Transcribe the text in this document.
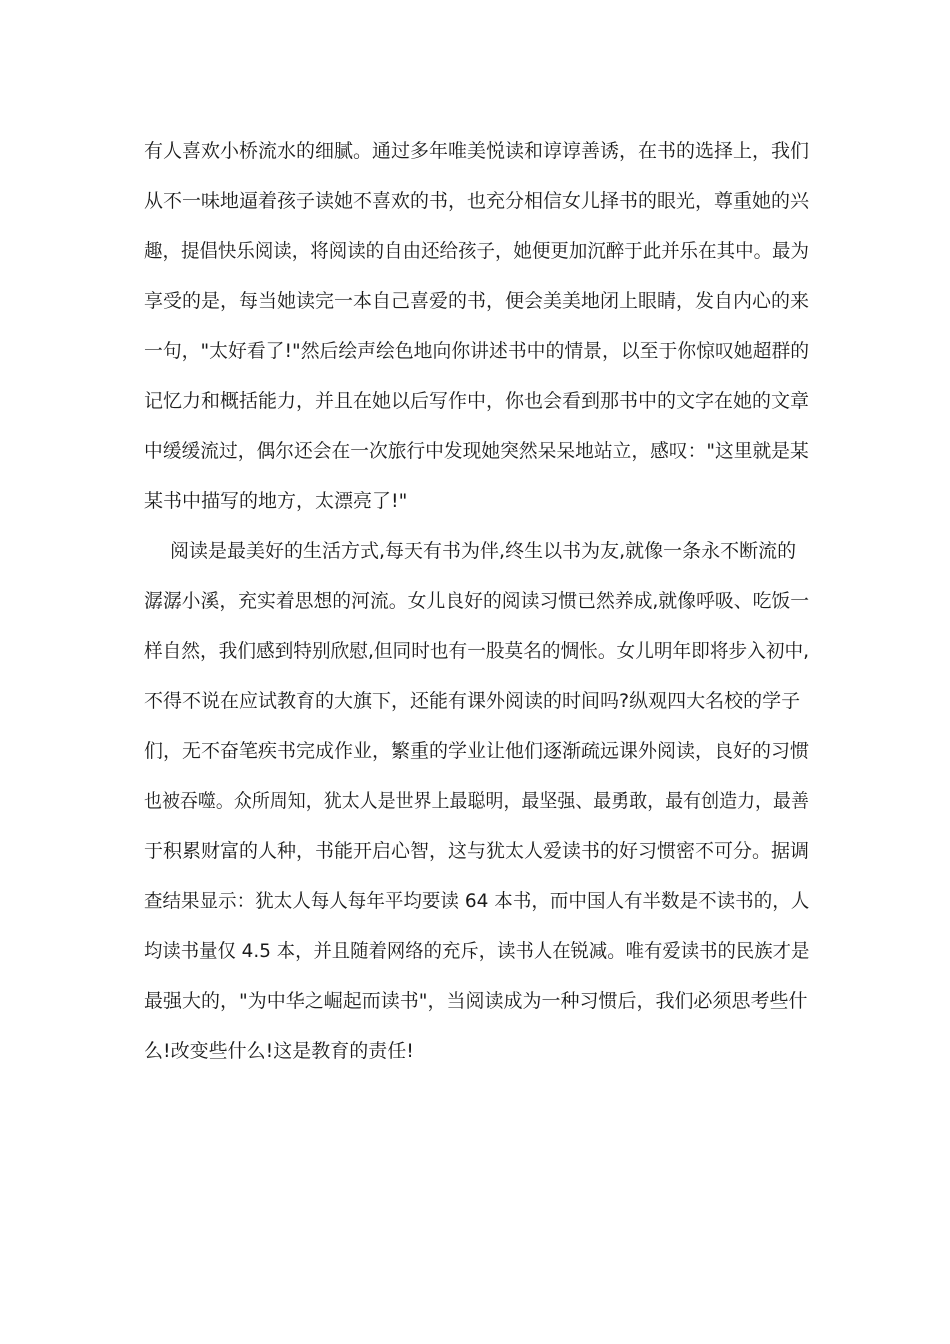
有人喜欢小桥流水的细腻。通过多年唯美悦读和谆谆善诱，在书的选择上，我们
从不一味地逼着孩子读她不喜欢的书，也充分相信女儿择书的眼光，尊重她的兴
趣，提倡快乐阅读，将阅读的自由还给孩子，她便更加沉醉于此并乐在其中。最为
享受的是，每当她读完一本自己喜爱的书，便会美美地闭上眼睛，发自内心的来
一句，"太好看了!"然后绘声绘色地向你讲述书中的情景，以至于你惊叹她超群的
记忆力和概括能力，并且在她以后写作中，你也会看到那书中的文字在她的文章
中缓缓流过，偶尔还会在一次旅行中发现她突然呆呆地站立，感叹："这里就是某
某书中描写的地方，太漂亮了!"
阅读是最美好的生活方式,每天有书为伴,终生以书为友,就像一条永不断流的
潺潺小溪，充实着思想的河流。女儿良好的阅读习惯已然养成,就像呼吸、吃饭一
样自然，我们感到特别欣慰,但同时也有一股莫名的惆怅。女儿明年即将步入初中,
不得不说在应试教育的大旗下，还能有课外阅读的时间吗?纵观四大名校的学子
们，无不奋笔疾书完成作业，繁重的学业让他们逐渐疏远课外阅读，良好的习惯
也被吞噬。众所周知，犹太人是世界上最聪明，最坚强、最勇敢，最有创造力，最善
于积累财富的人种，书能开启心智，这与犹太人爱读书的好习惯密不可分。据调
查结果显示：犹太人每人每年平均要读 64 本书，而中国人有半数是不读书的，人
均读书量仅 4.5 本，并且随着网络的充斥，读书人在锐减。唯有爱读书的民族才是
最强大的，"为中华之崛起而读书"，当阅读成为一种习惯后，我们必须思考些什
么!改变些什么!这是教育的责任!
